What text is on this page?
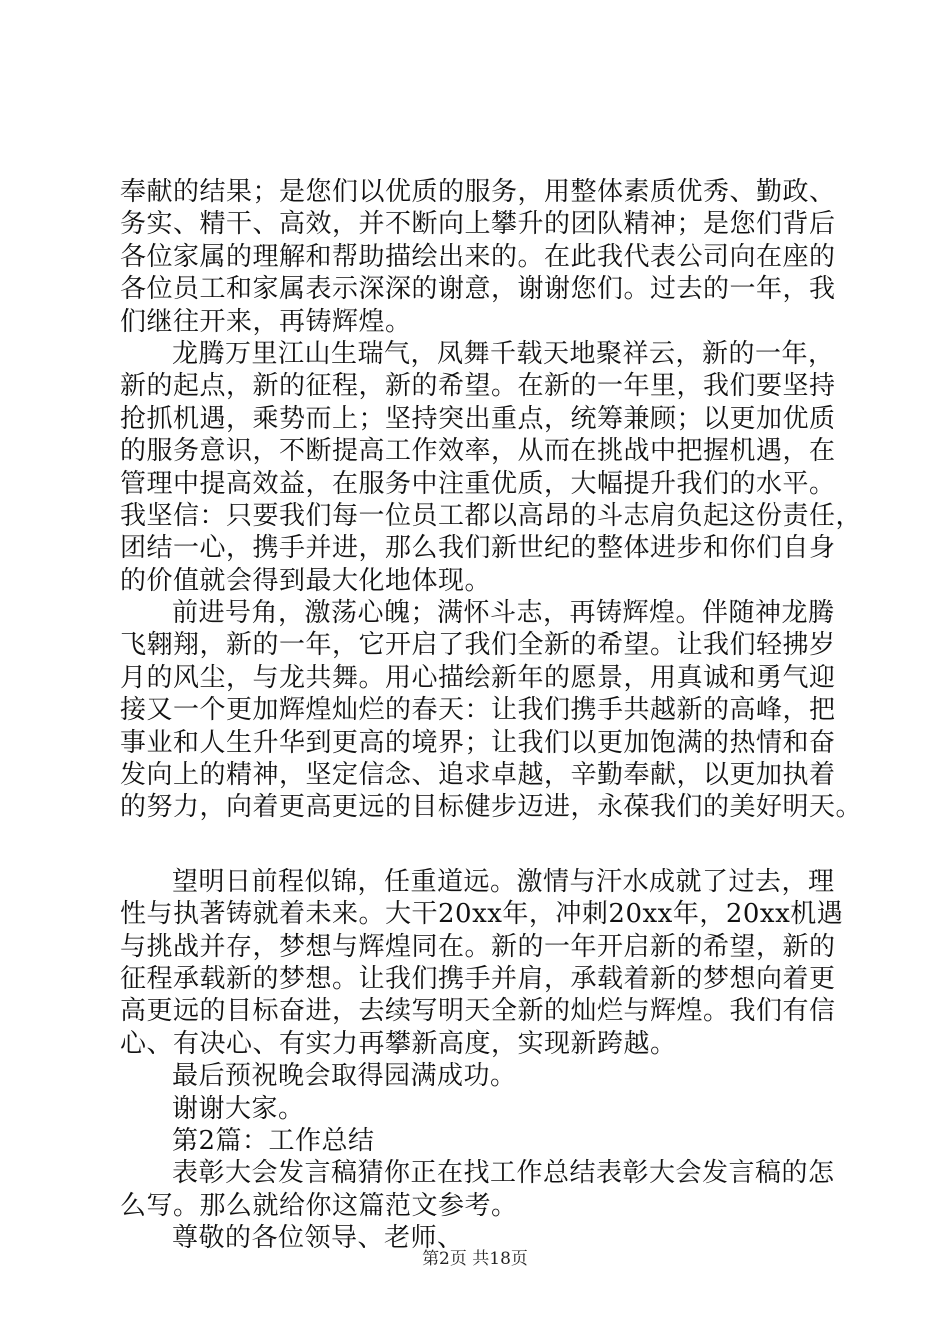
奉献的结果；是您们以优质的服务，用整体素质优秀、勤政、
务实、精干、高效，并不断向上攀升的团队精神；是您们背后
各位家属的理解和帮助描绘出来的。在此我代表公司向在座的
各位员工和家属表示深深的谢意，谢谢您们。过去的一年，我
们继往开来，再铸辉煌。
龙腾万里江山生瑞气，凤舞千载天地聚祥云，新的一年，
新的起点，新的征程，新的希望。在新的一年里，我们要坚持
抢抓机遇，乘势而上；坚持突出重点，统筹兼顾；以更加优质
的服务意识，不断提高工作效率，从而在挑战中把握机遇，在
管理中提高效益，在服务中注重优质，大幅提升我们的水平。
我坚信：只要我们每一位员工都以高昂的斗志肩负起这份责任，
团结一心，携手并进，那么我们新世纪的整体进步和你们自身
的价值就会得到最大化地体现。
前进号角，激荡心魄；满怀斗志，再铸辉煌。伴随神龙腾
飞翱翔，新的一年，它开启了我们全新的希望。让我们轻拂岁
月的风尘，与龙共舞。用心描绘新年的愿景，用真诚和勇气迎
接又一个更加辉煌灿烂的春天：让我们携手共越新的高峰，把
事业和人生升华到更高的境界；让我们以更加饱满的热情和奋
发向上的精神，坚定信念、追求卓越，辛勤奉献，以更加执着
的努力，向着更高更远的目标健步迈进，永葆我们的美好明天。
望明日前程似锦，任重道远。激情与汗水成就了过去，理
性与执著铸就着未来。大干20xx年，冲刺20xx年，20xx机遇
与挑战并存，梦想与辉煌同在。新的一年开启新的希望，新的
征程承载新的梦想。让我们携手并肩，承载着新的梦想向着更
高更远的目标奋进，去续写明天全新的灿烂与辉煌。我们有信
心、有决心、有实力再攀新高度，实现新跨越。
最后预祝晚会取得园满成功。
谢谢大家。
第2篇：工作总结
表彰大会发言稿猜你正在找工作总结表彰大会发言稿的怎
么写。那么就给你这篇范文参考。
尊敬的各位领导、老师、
第2页 共18页
